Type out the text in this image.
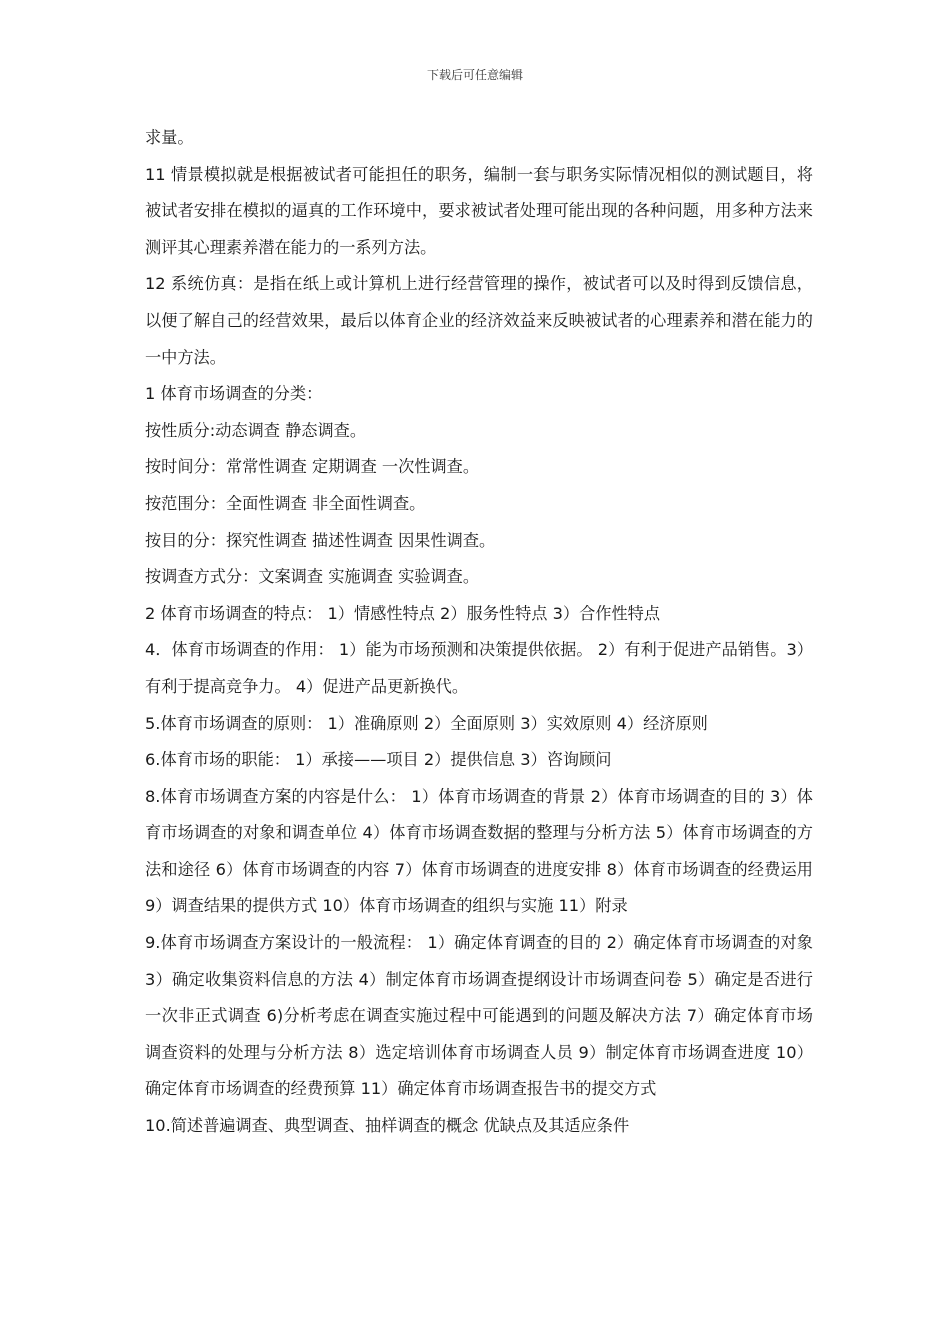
下载后可任意编辑

求量。

11 情景模拟就是根据被试者可能担任的职务，编制一套与职务实际情况相似的测试题目，将被试者安排在模拟的逼真的工作环境中，要求被试者处理可能出现的各种问题，用多种方法来测评其心理素养潜在能力的一系列方法。

12 系统仿真：是指在纸上或计算机上进行经营管理的操作，被试者可以及时得到反馈信息，以便了解自己的经营效果，最后以体育企业的经济效益来反映被试者的心理素养和潜在能力的一中方法。

1 体育市场调查的分类：

按性质分:动态调查 静态调查。

按时间分：常常性调查 定期调查 一次性调查。

按范围分：全面性调查 非全面性调查。

按目的分：探究性调查 描述性调查 因果性调查。

按调查方式分：文案调查 实施调查 实验调查。

2 体育市场调查的特点： 1）情感性特点 2）服务性特点 3）合作性特点

4．体育市场调查的作用： 1）能为市场预测和决策提供依据。 2）有利于促进产品销售。3）有利于提高竞争力。 4）促进产品更新换代。

5.体育市场调查的原则： 1）准确原则 2）全面原则 3）实效原则 4）经济原则

6.体育市场的职能： 1）承接——项目 2）提供信息 3）咨询顾问

8.体育市场调查方案的内容是什么： 1）体育市场调查的背景 2）体育市场调查的目的 3）体育市场调查的对象和调查单位 4）体育市场调查数据的整理与分析方法 5）体育市场调查的方法和途径 6）体育市场调查的内容 7）体育市场调查的进度安排 8）体育市场调查的经费运用 9）调查结果的提供方式 10）体育市场调查的组织与实施 11）附录

9.体育市场调查方案设计的一般流程： 1）确定体育调查的目的 2）确定体育市场调查的对象 3）确定收集资料信息的方法 4）制定体育市场调查提纲设计市场调查问卷 5）确定是否进行一次非正式调查 6)分析考虑在调查实施过程中可能遇到的问题及解决方法 7）确定体育市场调查资料的处理与分析方法 8）选定培训体育市场调查人员 9）制定体育市场调查进度 10）确定体育市场调查的经费预算 11）确定体育市场调查报告书的提交方式

10.简述普遍调查、典型调查、抽样调查的概念 优缺点及其适应条件
